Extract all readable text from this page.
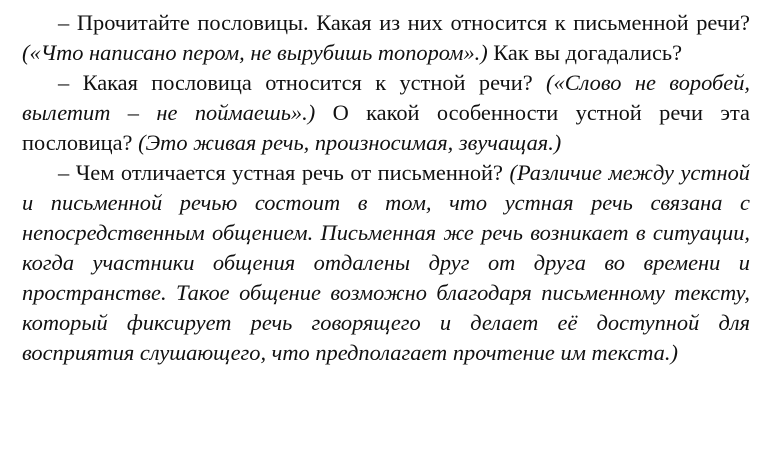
– Прочитайте пословицы. Какая из них относится к письменной речи? («Что написано пером, не вырубишь топором».) Как вы догадались?

– Какая пословица относится к устной речи? («Слово не воробей, вылетит – не поймаешь».) О какой особенности устной речи эта пословица? (Это живая речь, произносимая, звучащая.)

– Чем отличается устная речь от письменной? (Различие между устной и письменной речью состоит в том, что устная речь связана с непосредственным общением. Письменная же речь возникает в ситуации, когда участники общения отдалены друг от друга во времени и пространстве. Такое общение возможно благодаря письменному тексту, который фиксирует речь говорящего и делает её доступной для восприятия слушающего, что предполагает прочтение им текста.)
